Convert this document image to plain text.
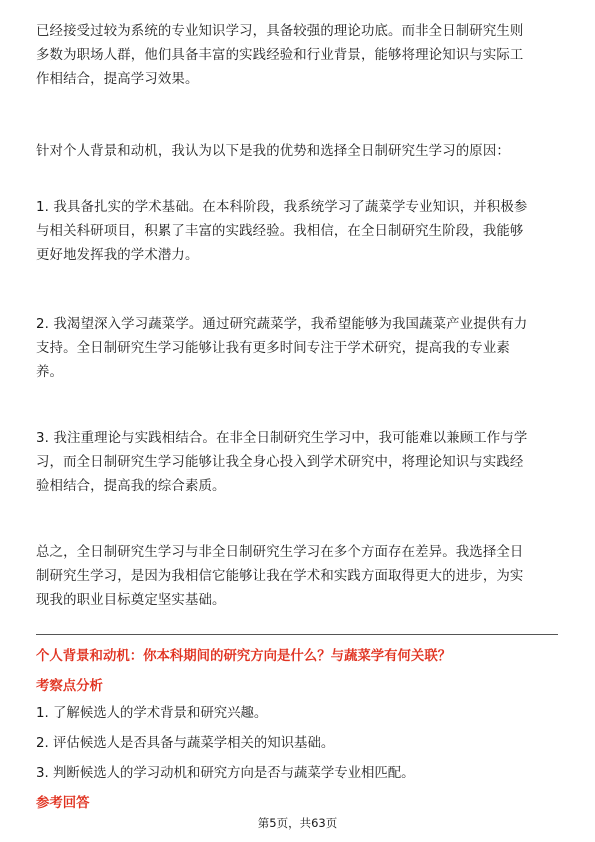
已经接受过较为系统的专业知识学习，具备较强的理论功底。而非全日制研究生则
多数为职场人群，他们具备丰富的实践经验和行业背景，能够将理论知识与实际工
作相结合，提高学习效果。
针对个人背景和动机，我认为以下是我的优势和选择全日制研究生学习的原因：
1. 我具备扎实的学术基础。在本科阶段，我系统学习了蔬菜学专业知识，并积极参
与相关科研项目，积累了丰富的实践经验。我相信，在全日制研究生阶段，我能够
更好地发挥我的学术潜力。
2. 我渴望深入学习蔬菜学。通过研究蔬菜学，我希望能够为我国蔬菜产业提供有力
支持。全日制研究生学习能够让我有更多时间专注于学术研究，提高我的专业素
养。
3. 我注重理论与实践相结合。在非全日制研究生学习中，我可能难以兼顾工作与学
习，而全日制研究生学习能够让我全身心投入到学术研究中，将理论知识与实践经
验相结合，提高我的综合素质。
总之，全日制研究生学习与非全日制研究生学习在多个方面存在差异。我选择全日
制研究生学习，是因为我相信它能够让我在学术和实践方面取得更大的进步，为实
现我的职业目标奠定坚实基础。
个人背景和动机：你本科期间的研究方向是什么？与蔬菜学有何关联？
考察点分析
1. 了解候选人的学术背景和研究兴趣。
2. 评估候选人是否具备与蔬菜学相关的知识基础。
3. 判断候选人的学习动机和研究方向是否与蔬菜学专业相匹配。
参考回答
第5页，共63页
